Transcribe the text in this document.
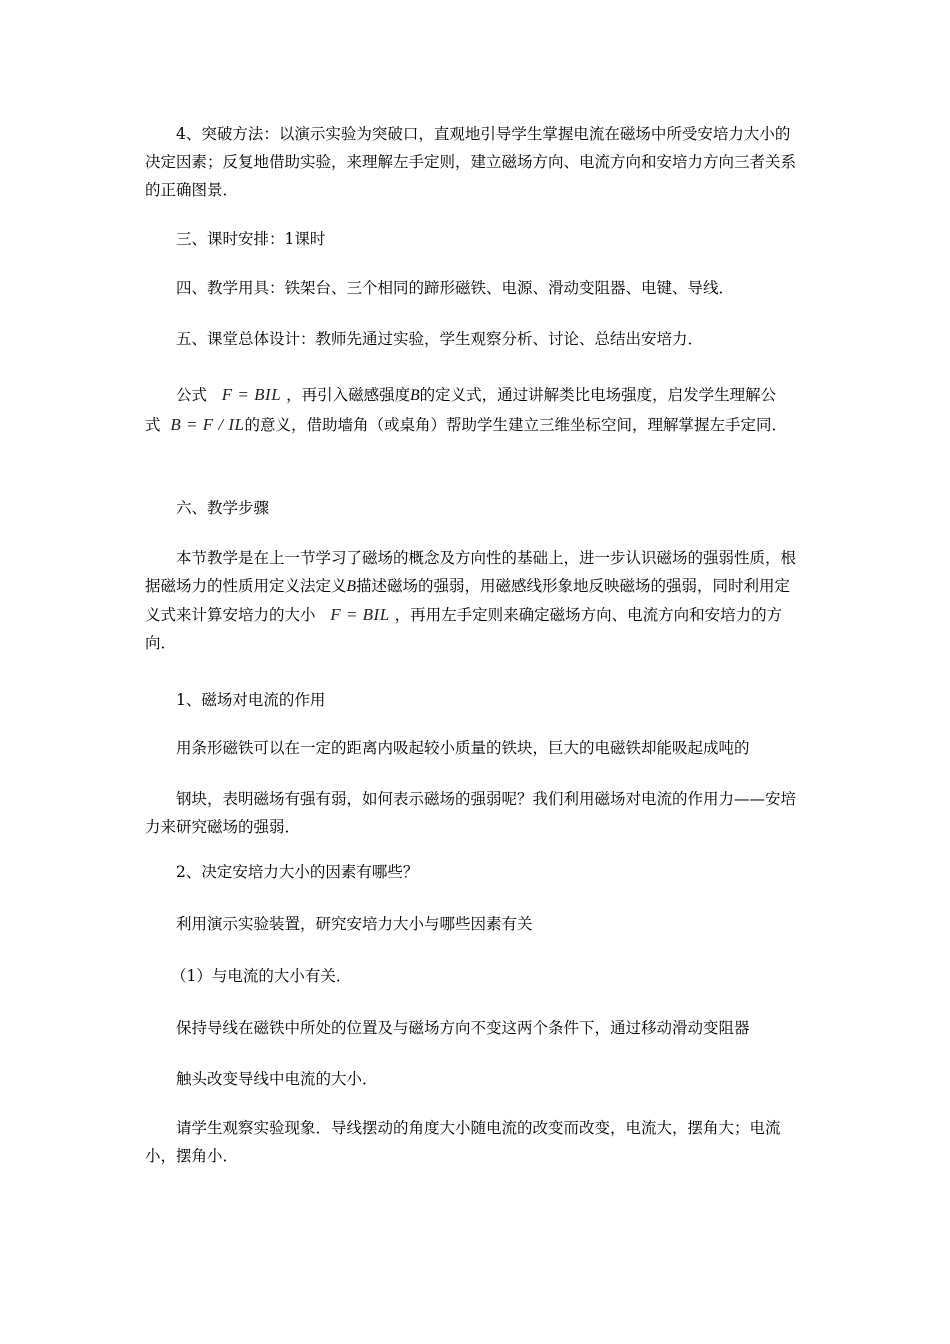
4、突破方法：以演示实验为突破口，直观地引导学生掌握电流在磁场中所受安培力大小的决定因素；反复地借助实验，来理解左手定则，建立磁场方向、电流方向和安培力方向三者关系的正确图景．

三、课时安排：1课时

四、教学用具：铁架台、三个相同的蹄形磁铁、电源、滑动变阻器、电键、导线．

五、课堂总体设计：教师先通过实验，学生观察分析、讨论、总结出安培力．

公式 F = BIL ，再引入磁感强度B的定义式，通过讲解类比电场强度，启发学生理解公式 B = F / IL的意义，借助墙角（或桌角）帮助学生建立三维坐标空间，理解掌握左手定同．

六、教学步骤

本节教学是在上一节学习了磁场的概念及方向性的基础上，进一步认识磁场的强弱性质，根据磁场力的性质用定义法定义B描述磁场的强弱，用磁感线形象地反映磁场的强弱，同时利用定义式来计算安培力的大小 F = BIL ，再用左手定则来确定磁场方向、电流方向和安培力的方向．

1、磁场对电流的作用

用条形磁铁可以在一定的距离内吸起较小质量的铁块，巨大的电磁铁却能吸起成吨的

钢块，表明磁场有强有弱，如何表示磁场的强弱呢？我们利用磁场对电流的作用力——安培力来研究磁场的强弱．

2、决定安培力大小的因素有哪些？

利用演示实验装置，研究安培力大小与哪些因素有关

（1）与电流的大小有关．

保持导线在磁铁中所处的位置及与磁场方向不变这两个条件下，通过移动滑动变阻器

触头改变导线中电流的大小．

请学生观察实验现象．导线摆动的角度大小随电流的改变而改变，电流大，摆角大；电流小，摆角小．
